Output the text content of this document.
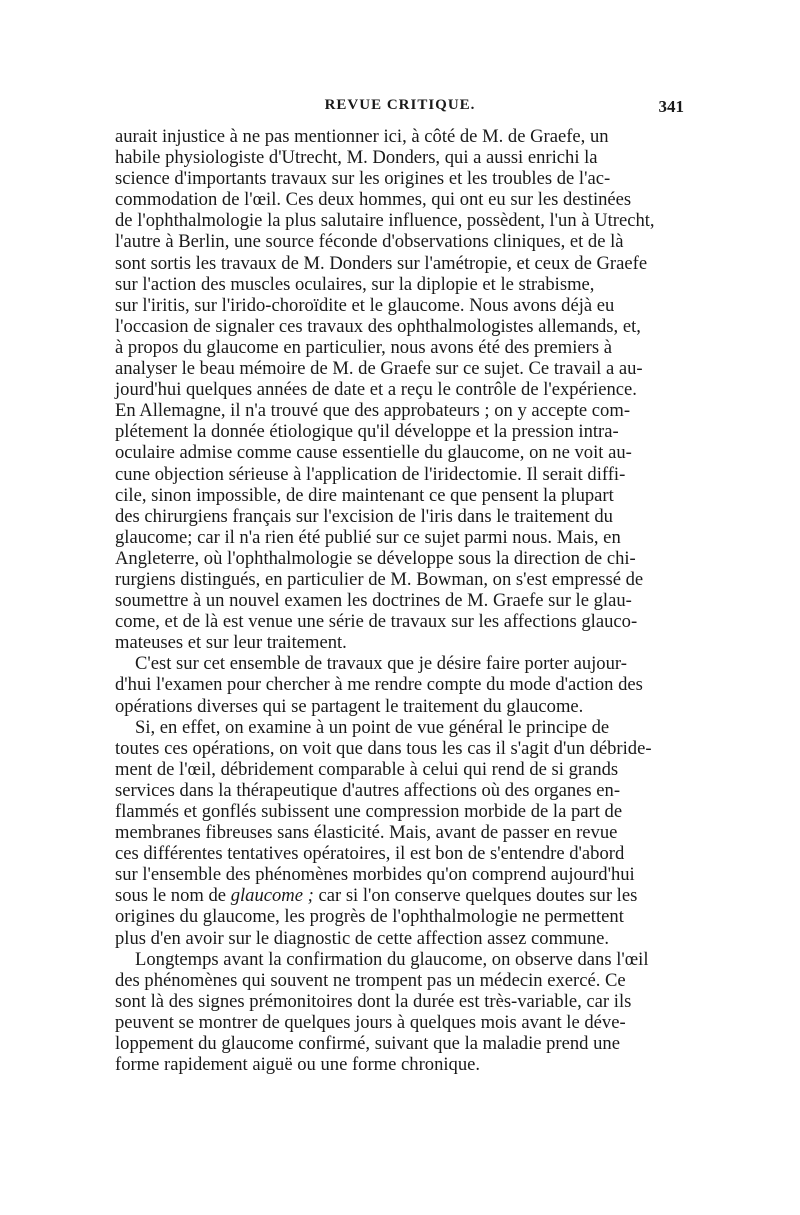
REVUE CRITIQUE.	341

aurait injustice à ne pas mentionner ici, à côté de M. de Graefe, un
habile physiologiste d'Utrecht, M. Donders, qui a aussi enrichi la
science d'importants travaux sur les origines et les troubles de l'ac-
commodation de l'œil. Ces deux hommes, qui ont eu sur les destinées
de l'ophthalmologie la plus salutaire influence, possèdent, l'un à Utrecht,
l'autre à Berlin, une source féconde d'observations cliniques, et de là
sont sortis les travaux de M. Donders sur l'amétropie, et ceux de Graefe
sur l'action des muscles oculaires, sur la diplopie et le strabisme,
sur l'iritis, sur l'irido-choroïdite et le glaucome. Nous avons déjà eu
l'occasion de signaler ces travaux des ophthalmologistes allemands, et,
à propos du glaucome en particulier, nous avons été des premiers à
analyser le beau mémoire de M. de Graefe sur ce sujet. Ce travail a au-
jourd'hui quelques années de date et a reçu le contrôle de l'expérience.
En Allemagne, il n'a trouvé que des approbateurs ; on y accepte com-
plétement la donnée étiologique qu'il développe et la pression intra-
oculaire admise comme cause essentielle du glaucome, on ne voit au-
cune objection sérieuse à l'application de l'iridectomie. Il serait diffi-
cile, sinon impossible, de dire maintenant ce que pensent la plupart
des chirurgiens français sur l'excision de l'iris dans le traitement du
glaucome; car il n'a rien été publié sur ce sujet parmi nous. Mais, en
Angleterre, où l'ophthalmologie se développe sous la direction de chi-
rurgiens distingués, en particulier de M. Bowman, on s'est empressé de
soumettre à un nouvel examen les doctrines de M. Graefe sur le glau-
come, et de là est venue une série de travaux sur les affections glauco-
mateuses et sur leur traitement.

C'est sur cet ensemble de travaux que je désire faire porter aujour-
d'hui l'examen pour chercher à me rendre compte du mode d'action des
opérations diverses qui se partagent le traitement du glaucome.

Si, en effet, on examine à un point de vue général le principe de
toutes ces opérations, on voit que dans tous les cas il s'agit d'un débride-
ment de l'œil, débridement comparable à celui qui rend de si grands
services dans la thérapeutique d'autres affections où des organes en-
flammés et gonflés subissent une compression morbide de la part de
membranes fibreuses sans élasticité. Mais, avant de passer en revue
ces différentes tentatives opératoires, il est bon de s'entendre d'abord
sur l'ensemble des phénomènes morbides qu'on comprend aujourd'hui
sous le nom de glaucome ; car si l'on conserve quelques doutes sur les
origines du glaucome, les progrès de l'ophthalmologie ne permettent
plus d'en avoir sur le diagnostic de cette affection assez commune.

Longtemps avant la confirmation du glaucome, on observe dans l'œil
des phénomènes qui souvent ne trompent pas un médecin exercé. Ce
sont là des signes prémonitoires dont la durée est très-variable, car ils
peuvent se montrer de quelques jours à quelques mois avant le déve-
loppement du glaucome confirmé, suivant que la maladie prend une
forme rapidement aiguë ou une forme chronique.
